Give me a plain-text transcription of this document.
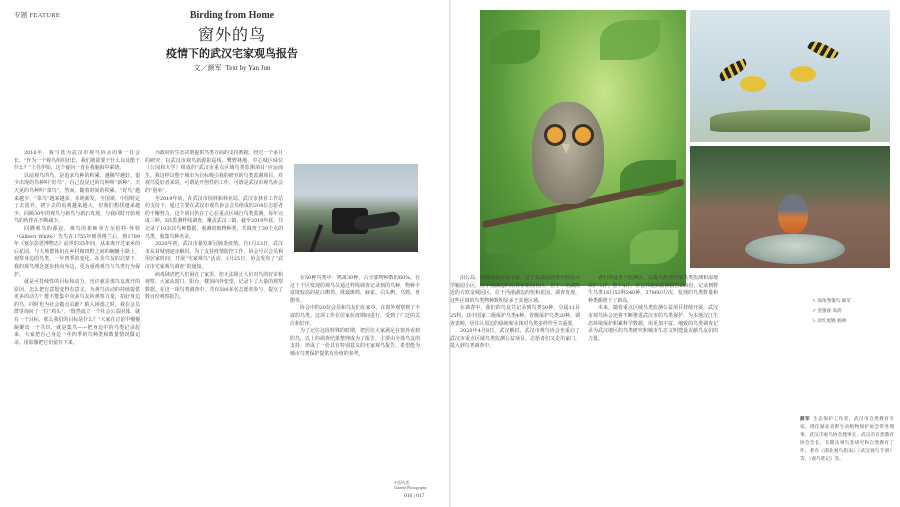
专题 FEATURE	Birding from Home
窗外的鸟
疫情下的武汉宅家观鸟报告
文／颜军 Text by Yan Jun

2016年，我与选为武汉市观鸟协会的新一任会长，“作为一个观鸟组织团长，我们就欲要干什么以及能干什么？”上任伊始，这个疑问一直在我脑海中萦绕。

以前观鸟的鸟，是追求鸟种的积累，越稀罕越好。很少出现的鸟种叫“好鸟”，自己没见过的鸟种叫“新种”，天天见的鸟种叫“菜鸟”。然而，随着时间的积累，“好鸟”越来越少，“菜鸟”越来越多。本地新发，全国观，中国特定了去国外。初下去的看观越来越大，但我们想找越来越少，回顾30年的观鸟与新鸟与新石发现，与我同时开始观鸟的伙伴在不断减少。

回溯观鸟的源起，观鸟的祖师爷吉尔伯特·怀特（Gilbert White）先生在1755年到英格兰后，到1789年《塞尔彭恩博物志》前世的35年间，从来离开过家乡的后花园。与大地群体们在乡村和田野之间的蜿蜒小路上，观察身边的鸟类，一年四季的变化。在众鸟友的启蒙下，我的观鸟理念逐步转向身边，更为重视观鸟与鸟类行为保护。

就是可持续性的目标和动力，也许就是那鸟友离开的原因。怎么把有意愿变得有意义，为观鸟活动的持续提供更多的动力？能不能集中众多鸟友的观察力量，拍好身边的鸟，同时也为社会做点贡献？陷入困惑之时，我在会员群里询问了一位“鸡头”，“既然成立一个社会公益团体，就有一个目标，那么我们的目标是什么？”大家在讨论中慢慢凝聚出一个共识，就是集鸟——把身边中的鸟类记录起来，大家把自己身边一年四季的鸟种类和数量情况做记录。用影像把它们留存下来。

为政府的生态决策提供鸟类方面的支持数据。经过一个多月的研究，以武汉市观鸟新源影巡线、鹭野林地、中心城区绿位（公园和大学）组成的“武汉市重点区域鸟类监测项目”应运而生。我这样以整个城市为目标吸引我的研究的鸟类监测项目，对观鸟爱好者来说，可谓是开创性的工作，可谓是武汉市观鸟协会的“创举”。

至2019年底，在武汉市园林和林业局、武汉市林业工作站的支持下，通过主要在武汉市观鸟协会会员组成的204位志愿者的不懈努力，这个项目仍在了心在重点区域自鸟类监测。每年完成三种，3次监测样线调查，覆盖武汉三镇，截至2019年底，共记录了10余次鸟种数据。观测的植物种类，共调查了39个点的鸟类，收集鸟种名录。

2020年初，武汉市暴发新冠肺炎疫情。自1月23日，武汉市从封城到逐步解封。为了支持疫情防控工作，协会号召会员利用居家时间，开展“宅家观鸟”活动。1月25日，协会发布了“武汉市宅家观鸟调查”的通知。

病毒肆虐把人们困在了家里，但无法阻止人们对鸟的好奇和观察。大家从窗口、阳台、楼顶向外张望，记录下了大量的观察数据。在这一项鸟类调查中，共有500多名志愿者参与，提交了数百份观察报告。

在50种鸟类中：鸣禽30种，占全部物种数的60%。在这十个区发现的观鸟员通过样线调查记录到的鸟种，物种丰富度较高的是白鹡鸰、珠颈斑鸠、麻雀、白头鹎、乌鸫、喜鹊等。

协会中的20位会员和鸟友们在家中，在窗外观察到了丰富的鸟类。这项工作在居家抗疫期间进行，受到了广泛的关注和好评。

为了记住这段特殊的时期，把居住大家满足在窗外看到的鸟，以上的调查结果整理成为了报告，主要由全体鸟友的支持，形成了一份具有特别意义的宅家观鸟报告，希望能为城市鸟类保护提供有价值的参考。

中国鸟类
Chinese Photography
016 | 017

泊公岛、湿地资源较其丰富。位于东湖边的华中科技大学喻园小区，位于南湖边的东林桥新园社区，位于三角湖附近的方欣金城园区，位于沔港湖边的恒和花园。调查发现，这些区域的鸟类物种数明显多于其他区域。

在调查中，我们的鸟友共记录到鸟类50种，分属11目25科。其中国家二级保护鸟类4种，省级保护鸟类20种。调查表明，居住区周边的绿地和水体对鸟类多样性至关重要。

2020年4月8日，武汉解封。武汉市观鸟协会也重启了武汉市重点区域鸟类监测公益项目。志愿者们又走出家门，投入到鸟类调查中。

者们奔赴各个监测区，以极大热情开展鸟类监测和湿地保护工作。整个4月，协会共收到监测报告253份，记录到野生鸟类16目53科240种，37860只/次，发现的鸟类数量和种类都创下了新高。

未来，随着重点区域鸟类监测公益项目持续开展，武汉市观鸟协会还将不断推进武汉市的鸟类保护，为本地汉江生态环境保护积累科学数据，用更加丰富、细致的鸟类调查记录为武汉地区的鸟类研究和城市生态文明建设贡献鸟友们的力量。

↖ 领角鸮雏鸟 颜军
↗ 金翅雀 高鸿
↘ 北红尾鸲 杨林
颜军 生态保护工作者，武汉市自然教育专家。现任湖北省野生动植物保护协会常务理事，武汉市观鸟协会理事长，武汉市自然教育协会会长，长期从事鸟类研究和自然教育工作。著有《湖北观鸟指南》《武汉观鸟手册》等，《观鸟笔记》等。
